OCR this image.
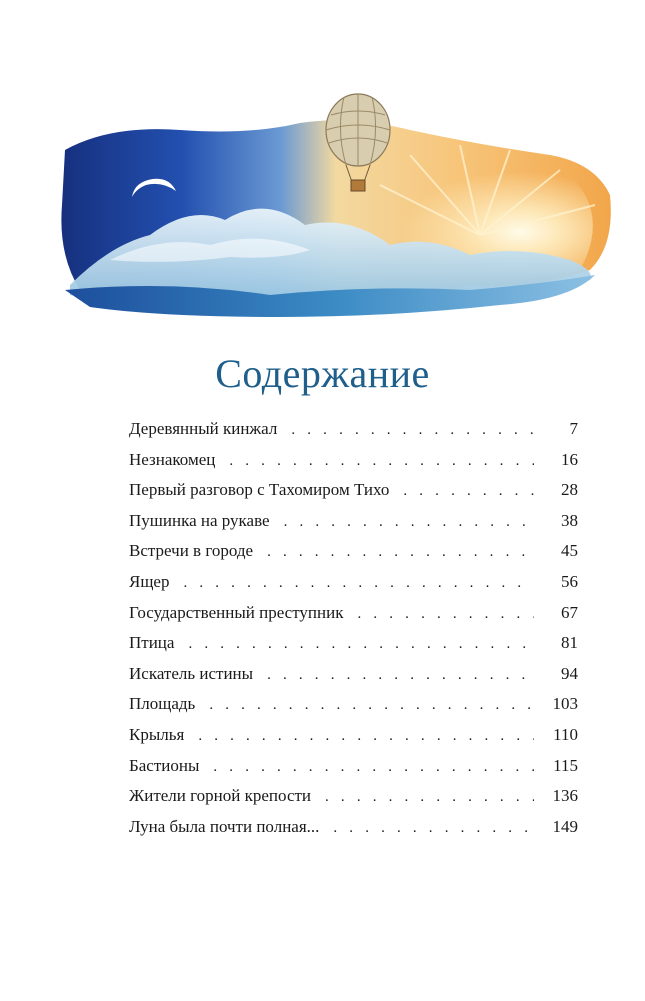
Содержание
Деревянный кинжал . . .	7
Незнакомец . . .	16
Первый разговор с Тахомиром Тихо . . .	28
Пушинка на рукаве . . .	38
Встречи в городе . . .	45
Ящер . . .	56
Государственный преступник . . .	67
Птица . . .	81
Искатель истины . . .	94
Площадь . . .	103
Крылья . . .	110
Бастионы . . .	115
Жители горной крепости . . .	136
Луна была почти полная... . . .	149
